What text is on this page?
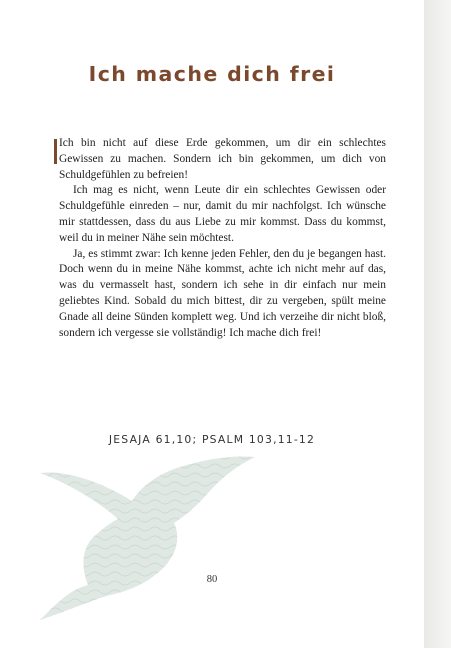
Ich mache dich frei

Ich bin nicht auf diese Erde gekommen, um dir ein schlechtes Gewissen zu machen. Sondern ich bin gekommen, um dich von Schuldgefühlen zu befreien!

Ich mag es nicht, wenn Leute dir ein schlechtes Gewissen oder Schuldgefühle einreden – nur, damit du mir nachfolgst. Ich wünsche mir stattdessen, dass du aus Liebe zu mir kommst. Dass du kommst, weil du in meiner Nähe sein möchtest.

Ja, es stimmt zwar: Ich kenne jeden Fehler, den du je begangen hast. Doch wenn du in meine Nähe kommst, achte ich nicht mehr auf das, was du vermasselt hast, sondern ich sehe in dir einfach nur mein geliebtes Kind. Sobald du mich bittest, dir zu vergeben, spült meine Gnade all deine Sünden komplett weg. Und ich verzeihe dir nicht bloß, sondern ich vergesse sie vollständig! Ich mache dich frei!

JESAJA 61,10; PSALM 103,11-12
80
